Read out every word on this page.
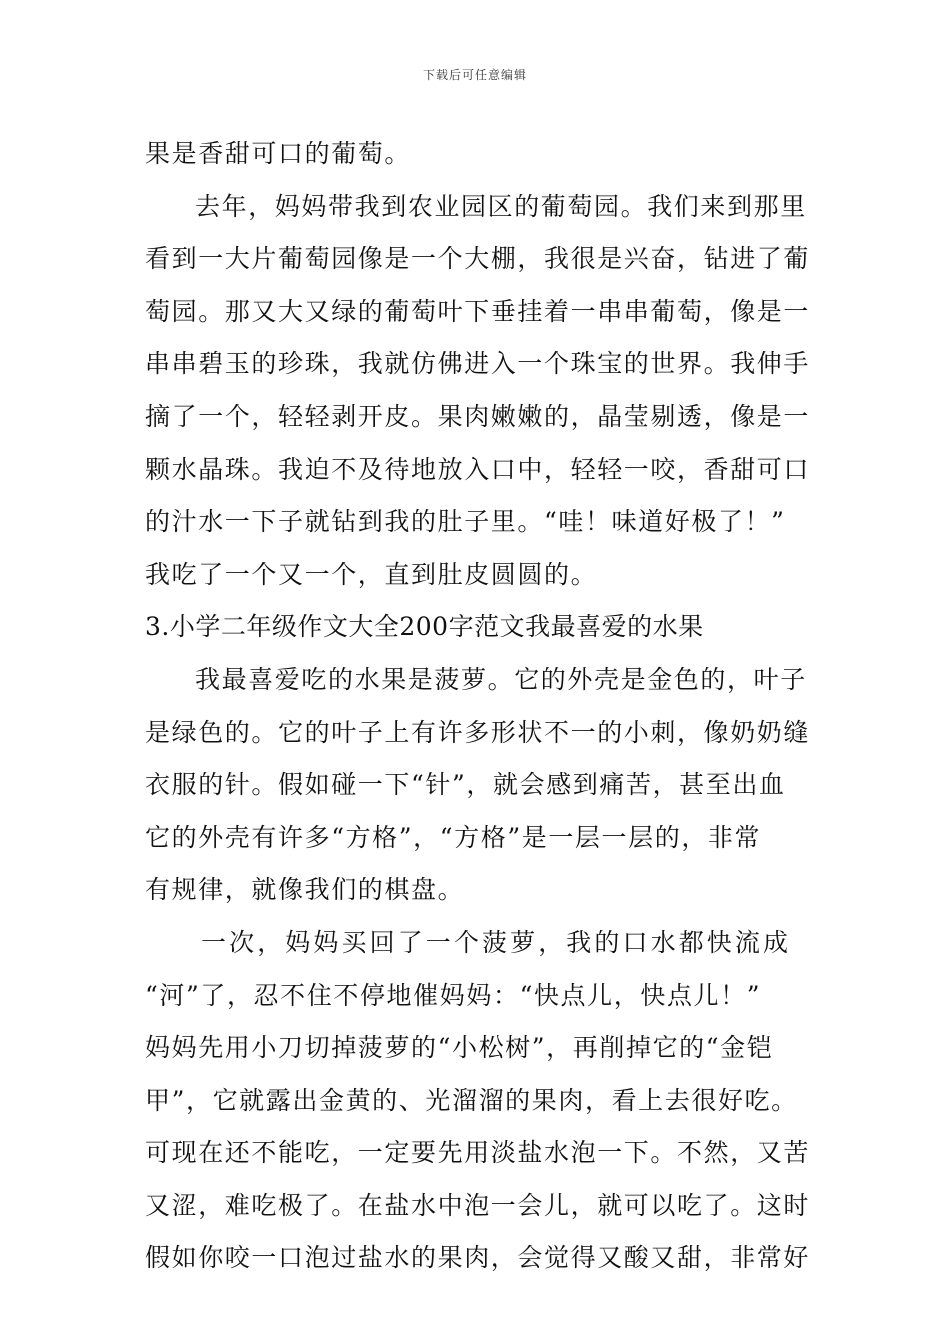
下载后可任意编辑
果是香甜可口的葡萄。
去年，妈妈带我到农业园区的葡萄园。我们来到那里
看到一大片葡萄园像是一个大棚，我很是兴奋，钻进了葡
萄园。那又大又绿的葡萄叶下垂挂着一串串葡萄，像是一
串串碧玉的珍珠，我就仿佛进入一个珠宝的世界。我伸手
摘了一个，轻轻剥开皮。果肉嫩嫩的，晶莹剔透，像是一
颗水晶珠。我迫不及待地放入口中，轻轻一咬，香甜可口
的汁水一下子就钻到我的肚子里。“哇！味道好极了！”
我吃了一个又一个，直到肚皮圆圆的。
3.小学二年级作文大全200字范文我最喜爱的水果
我最喜爱吃的水果是菠萝。它的外壳是金色的，叶子
是绿色的。它的叶子上有许多形状不一的小刺，像奶奶缝
衣服的针。假如碰一下“针”，就会感到痛苦，甚至出血
它的外壳有许多“方格”，“方格”是一层一层的，非常
有规律，就像我们的棋盘。
一次，妈妈买回了一个菠萝，我的口水都快流成
“河”了，忍不住不停地催妈妈：“快点儿，快点儿！”
妈妈先用小刀切掉菠萝的“小松树”，再削掉它的“金铠
甲”，它就露出金黄的、光溜溜的果肉，看上去很好吃。
可现在还不能吃，一定要先用淡盐水泡一下。不然，又苦
又涩，难吃极了。在盐水中泡一会儿，就可以吃了。这时
假如你咬一口泡过盐水的果肉，会觉得又酸又甜，非常好
